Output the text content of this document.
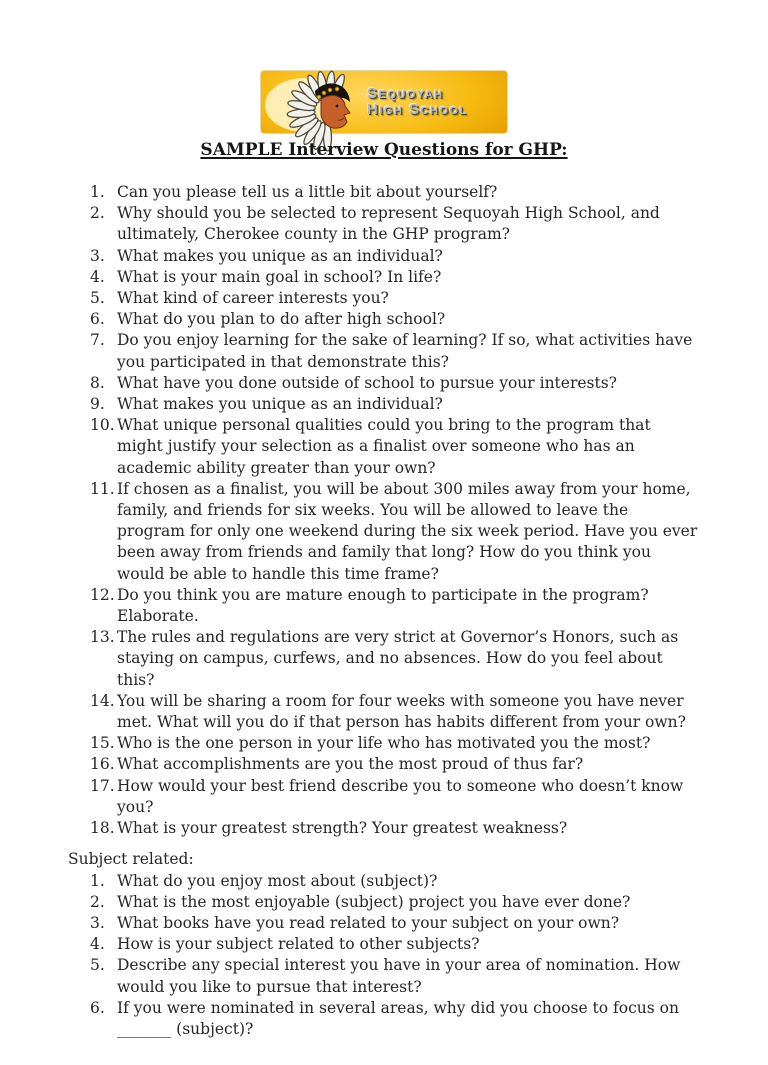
Sequoyah
High School
SAMPLE Interview Questions for GHP:
1. Can you please tell us a little bit about yourself?
2. Why should you be selected to represent Sequoyah High School, and ultimately, Cherokee county in the GHP program?
3. What makes you unique as an individual?
4. What is your main goal in school? In life?
5. What kind of career interests you?
6. What do you plan to do after high school?
7. Do you enjoy learning for the sake of learning? If so, what activities have you participated in that demonstrate this?
8. What have you done outside of school to pursue your interests?
9. What makes you unique as an individual?
10. What unique personal qualities could you bring to the program that might justify your selection as a finalist over someone who has an academic ability greater than your own?
11. If chosen as a finalist, you will be about 300 miles away from your home, family, and friends for six weeks. You will be allowed to leave the program for only one weekend during the six week period. Have you ever been away from friends and family that long? How do you think you would be able to handle this time frame?
12. Do you think you are mature enough to participate in the program? Elaborate.
13. The rules and regulations are very strict at Governor’s Honors, such as staying on campus, curfews, and no absences. How do you feel about this?
14. You will be sharing a room for four weeks with someone you have never met. What will you do if that person has habits different from your own?
15. Who is the one person in your life who has motivated you the most?
16. What accomplishments are you the most proud of thus far?
17. How would your best friend describe you to someone who doesn’t know you?
18. What is your greatest strength? Your greatest weakness?
Subject related:
1. What do you enjoy most about (subject)?
2. What is the most enjoyable (subject) project you have ever done?
3. What books have you read related to your subject on your own?
4. How is your subject related to other subjects?
5. Describe any special interest you have in your area of nomination. How would you like to pursue that interest?
6. If you were nominated in several areas, why did you choose to focus on _______ (subject)?
